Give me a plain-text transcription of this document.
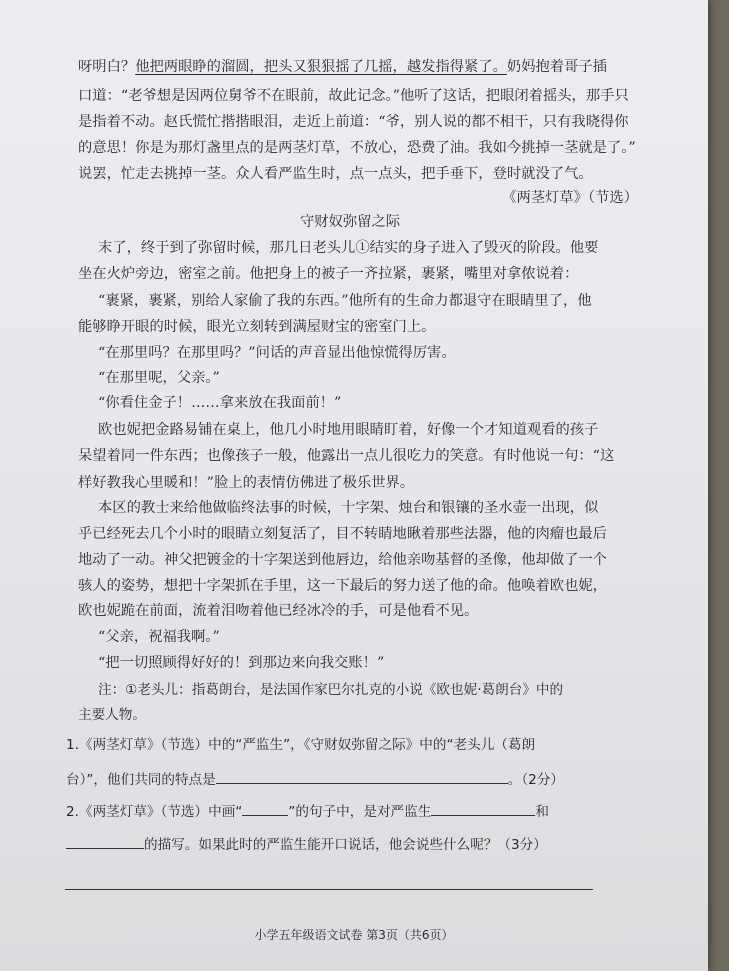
呀明白？他把两眼睁的溜圆，把头又狠狠摇了几摇，越发指得紧了。奶妈抱着哥子插
口道：“老爷想是因两位舅爷不在眼前，故此记念。”他听了这话，把眼闭着摇头，那手只
是指着不动。赵氏慌忙揩揩眼泪，走近上前道：“爷，别人说的都不相干，只有我晓得你
的意思！你是为那灯盏里点的是两茎灯草，不放心，恐费了油。我如今挑掉一茎就是了。”
说罢，忙走去挑掉一茎。众人看严监生时，点一点头，把手垂下，登时就没了气。
《两茎灯草》（节选）
守财奴弥留之际
末了，终于到了弥留时候，那几日老头儿①结实的身子进入了毁灭的阶段。他要
坐在火炉旁边，密室之前。他把身上的被子一齐拉紧，裹紧，嘴里对拿侬说着：
“裹紧，裹紧，别给人家偷了我的东西。”他所有的生命力都退守在眼睛里了，他
能够睁开眼的时候，眼光立刻转到满屋财宝的密室门上。
“在那里吗？在那里吗？”问话的声音显出他惊慌得厉害。
“在那里呢，父亲。”
“你看住金子！……拿来放在我面前！”
欧也妮把金路易铺在桌上，他几小时地用眼睛盯着，好像一个才知道观看的孩子
呆望着同一件东西；也像孩子一般，他露出一点儿很吃力的笑意。有时他说一句：“这
样好教我心里暖和！”脸上的表情仿佛进了极乐世界。
本区的教士来给他做临终法事的时候，十字架、烛台和银镶的圣水壶一出现，似
乎已经死去几个小时的眼睛立刻复活了，目不转睛地瞅着那些法器，他的肉瘤也最后
地动了一动。神父把镀金的十字架送到他唇边，给他亲吻基督的圣像，他却做了一个
骇人的姿势，想把十字架抓在手里，这一下最后的努力送了他的命。他唤着欧也妮，
欧也妮跪在前面，流着泪吻着他已经冰冷的手，可是他看不见。
“父亲，祝福我啊。”
“把一切照顾得好好的！到那边来向我交账！”
注：①老头儿：指葛朗台，是法国作家巴尔扎克的小说《欧也妮·葛朗台》中的
主要人物。
1.《两茎灯草》（节选）中的“严监生”，《守财奴弥留之际》中的“老头儿（葛朗
台）”，他们共同的特点是	。（2分）
2.《两茎灯草》（节选）中画“	”的句子中，是对严监生	和
的描写。如果此时的严监生能开口说话，他会说些什么呢？（3分）
小学五年级语文试卷 第3页（共6页）
